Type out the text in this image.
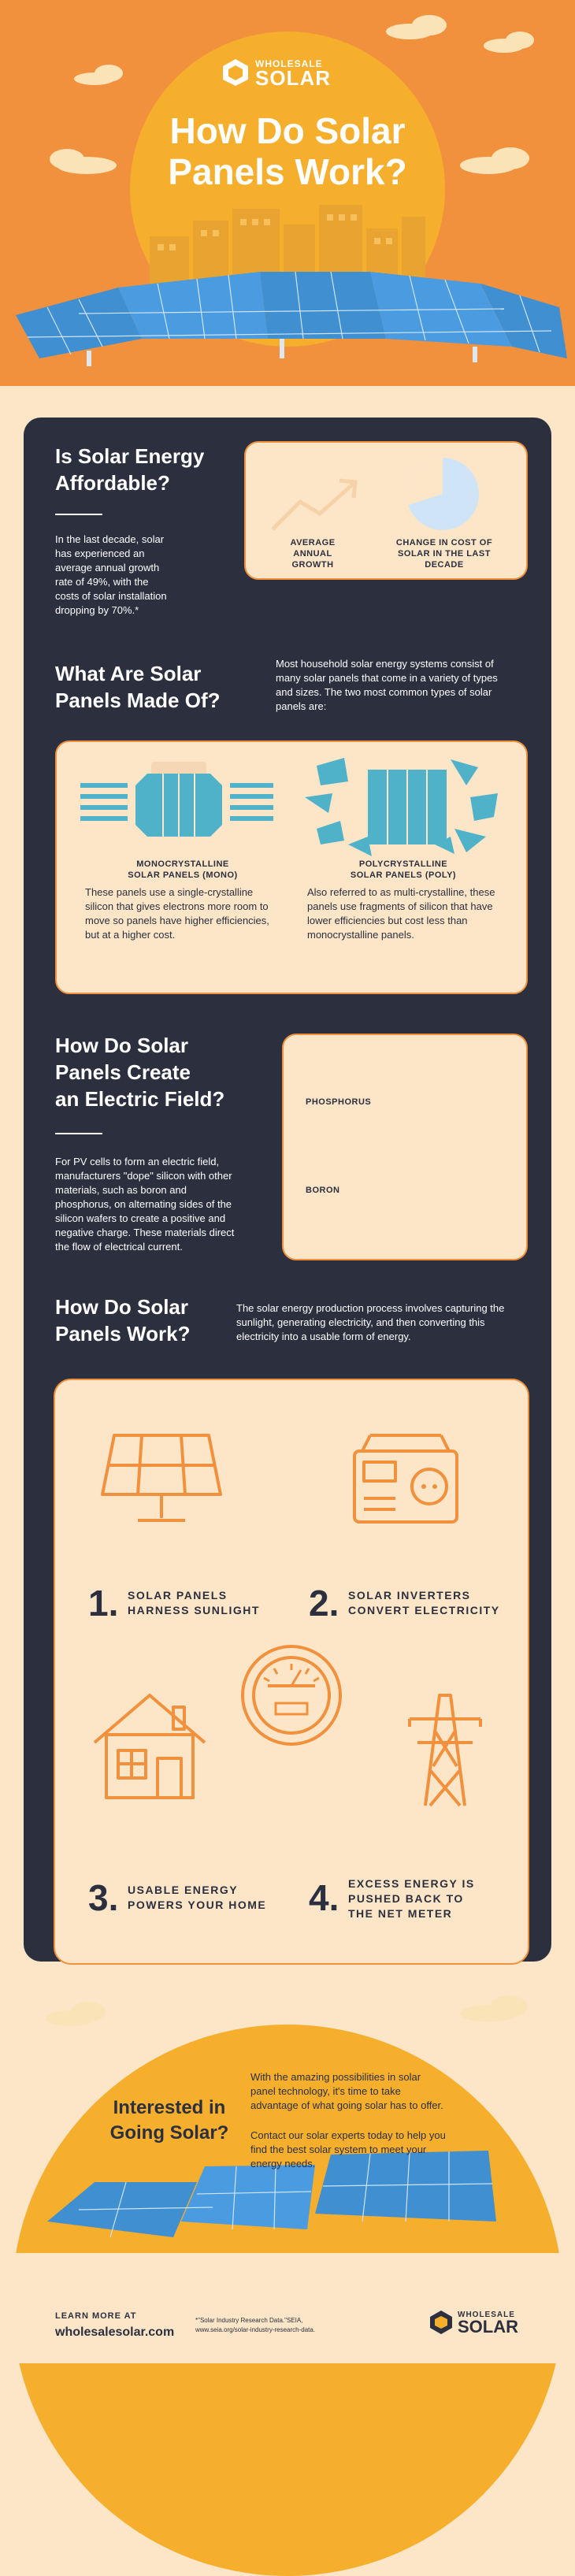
WHOLESALE
SOLAR
How Do Solar
Panels Work?
Is Solar Energy
Affordable?
In the last decade, solar has experienced an average annual growth rate of 49%, with the costs of solar installation dropping by 70%.*
AVERAGE ANNUAL GROWTH
CHANGE IN COST OF SOLAR IN THE LAST DECADE
What Are Solar
Panels Made Of?
Most household solar energy systems consist of many solar panels that come in a variety of types and sizes. The two most common types of solar panels are:
MONOCRYSTALLINE
SOLAR PANELS (MONO)
These panels use a single-crystalline silicon that gives electrons more room to move so panels have higher efficiencies, but at a higher cost.
POLYCRYSTALLINE
SOLAR PANELS (POLY)
Also referred to as multi-crystalline, these panels use fragments of silicon that have lower efficiencies but cost less than monocrystalline panels.
How Do Solar
Panels Create
an Electric Field?
For PV cells to form an electric field, manufacturers "dope" silicon with other materials, such as boron and phosphorus, on alternating sides of the silicon wafers to create a positive and negative charge. These materials direct the flow of electrical current.
PHOSPHORUS
BORON
How Do Solar
Panels Work?
The solar energy production process involves capturing the sunlight, generating electricity, and then converting this electricity into a usable form of energy.
1. SOLAR PANELS
HARNESS SUNLIGHT 2. SOLAR INVERTERS
CONVERT ELECTRICITY
3. USABLE ENERGY
POWERS YOUR HOME 4. EXCESS ENERGY IS
PUSHED BACK TO
THE NET METER
Interested in
Going Solar?
With the amazing possibilities in solar panel technology, it's time to take advantage of what going solar has to offer.
Contact our solar experts today to help you find the best solar system to meet your energy needs.
LEARN MORE AT
wholesalesolar.com
*"Solar Industry Research Data."SEIA,
www.seia.org/solar-industry-research-data.
WHOLESALE
SOLAR
